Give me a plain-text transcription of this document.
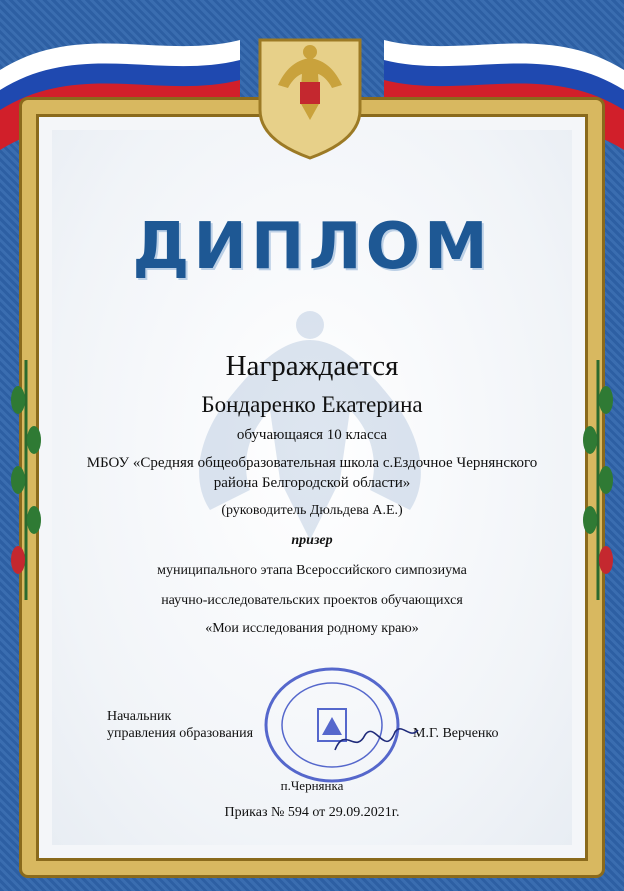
ДИПЛОМ
Награждается
Бондаренко Екатерина
обучающаяся 10 класса
МБОУ «Средняя общеобразовательная школа с.Ездочное Чернянского
района Белгородской области»
(руководитель Дюльдева А.Е.)
призер
муниципального этапа Всероссийского симпозиума
научно-исследовательских проектов обучающихся
«Мои исследования родному краю»
Начальник
управления образования	М.Г. Верченко
п.Чернянка
Приказ № 594 от 29.09.2021г.
